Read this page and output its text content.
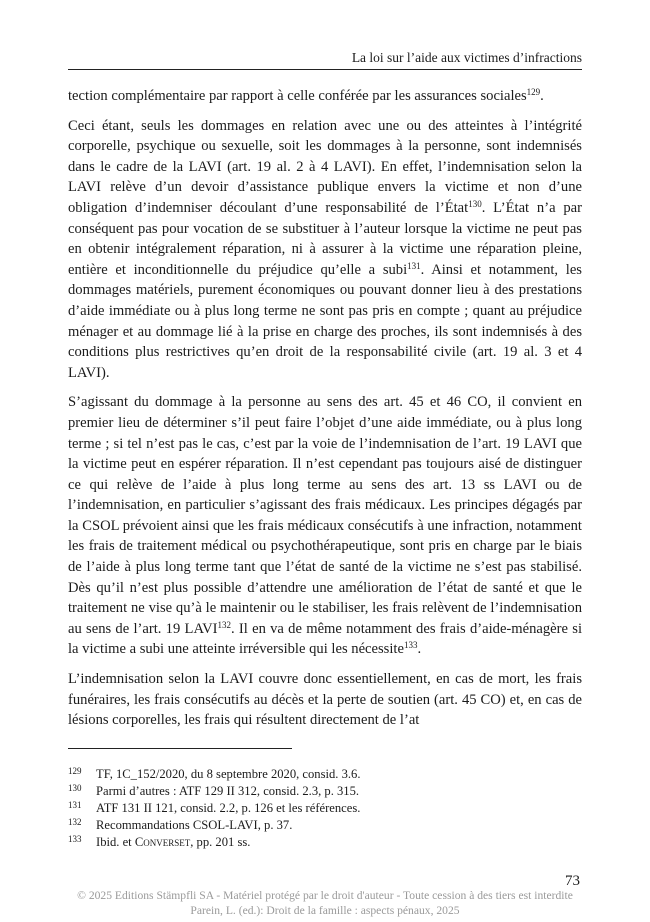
La loi sur l’aide aux victimes d’infractions

tection complémentaire par rapport à celle conférée par les assurances sociales$^{129}$.

Ceci étant, seuls les dommages en relation avec une ou des atteintes à l’intégrité corporelle, psychique ou sexuelle, soit les dommages à la personne, sont indemnisés dans le cadre de la LAVI (art. 19 al. 2 à 4 LAVI). En effet, l’indemnisation selon la LAVI relève d’un devoir d’assistance publique envers la victime et non d’une obligation d’indemniser découlant d’une responsabilité de l’État$^{130}$. L’État n’a par conséquent pas pour vocation de se substituer à l’auteur lorsque la victime ne peut pas en obtenir intégralement réparation, ni à assurer à la victime une réparation pleine, entière et inconditionnelle du préjudice qu’elle a subi$^{131}$. Ainsi et notamment, les dommages matériels, purement économiques ou pouvant donner lieu à des prestations d’aide immédiate ou à plus long terme ne sont pas pris en compte ; quant au préjudice ménager et au dommage lié à la prise en charge des proches, ils sont indemnisés à des conditions plus restrictives qu’en droit de la responsabilité civile (art. 19 al. 3 et 4 LAVI).

S’agissant du dommage à la personne au sens des art. 45 et 46 CO, il convient en premier lieu de déterminer s’il peut faire l’objet d’une aide immédiate, ou à plus long terme ; si tel n’est pas le cas, c’est par la voie de l’indemnisation de l’art. 19 LAVI que la victime peut en espérer réparation. Il n’est cependant pas toujours aisé de distinguer ce qui relève de l’aide à plus long terme au sens des art. 13 ss LAVI ou de l’indemnisation, en particulier s’agissant des frais médicaux. Les principes dégagés par la CSOL prévoient ainsi que les frais médicaux consécutifs à une infraction, notamment les frais de traitement médical ou psychothérapeutique, sont pris en charge par le biais de l’aide à plus long terme tant que l’état de santé de la victime ne s’est pas stabilisé. Dès qu’il n’est plus possible d’attendre une amélioration de l’état de santé et que le traitement ne vise qu’à le maintenir ou le stabiliser, les frais relèvent de l’indemnisation au sens de l’art. 19 LAVI$^{132}$. Il en va de même notamment des frais d’aide-ménagère si la victime a subi une atteinte irréversible qui les nécessite$^{133}$.

L’indemnisation selon la LAVI couvre donc essentiellement, en cas de mort, les frais funéraires, les frais consécutifs au décès et la perte de soutien (art. 45 CO) et, en cas de lésions corporelles, les frais qui résultent directement de l’at

129	TF, 1C_152/2020, du 8 septembre 2020, consid. 3.6.
130	Parmi d’autres : ATF 129 II 312, consid. 2.3, p. 315.
131	ATF 131 II 121, consid. 2.2, p. 126 et les références.
132	Recommandations CSOL-LAVI, p. 37.
133	Ibid. et Converset, pp. 201 ss.
73
© 2025 Editions Stämpfli SA - Matériel protégé par le droit d'auteur - Toute cession à des tiers est interdite
Parein, L. (ed.): Droit de la famille : aspects pénaux, 2025
